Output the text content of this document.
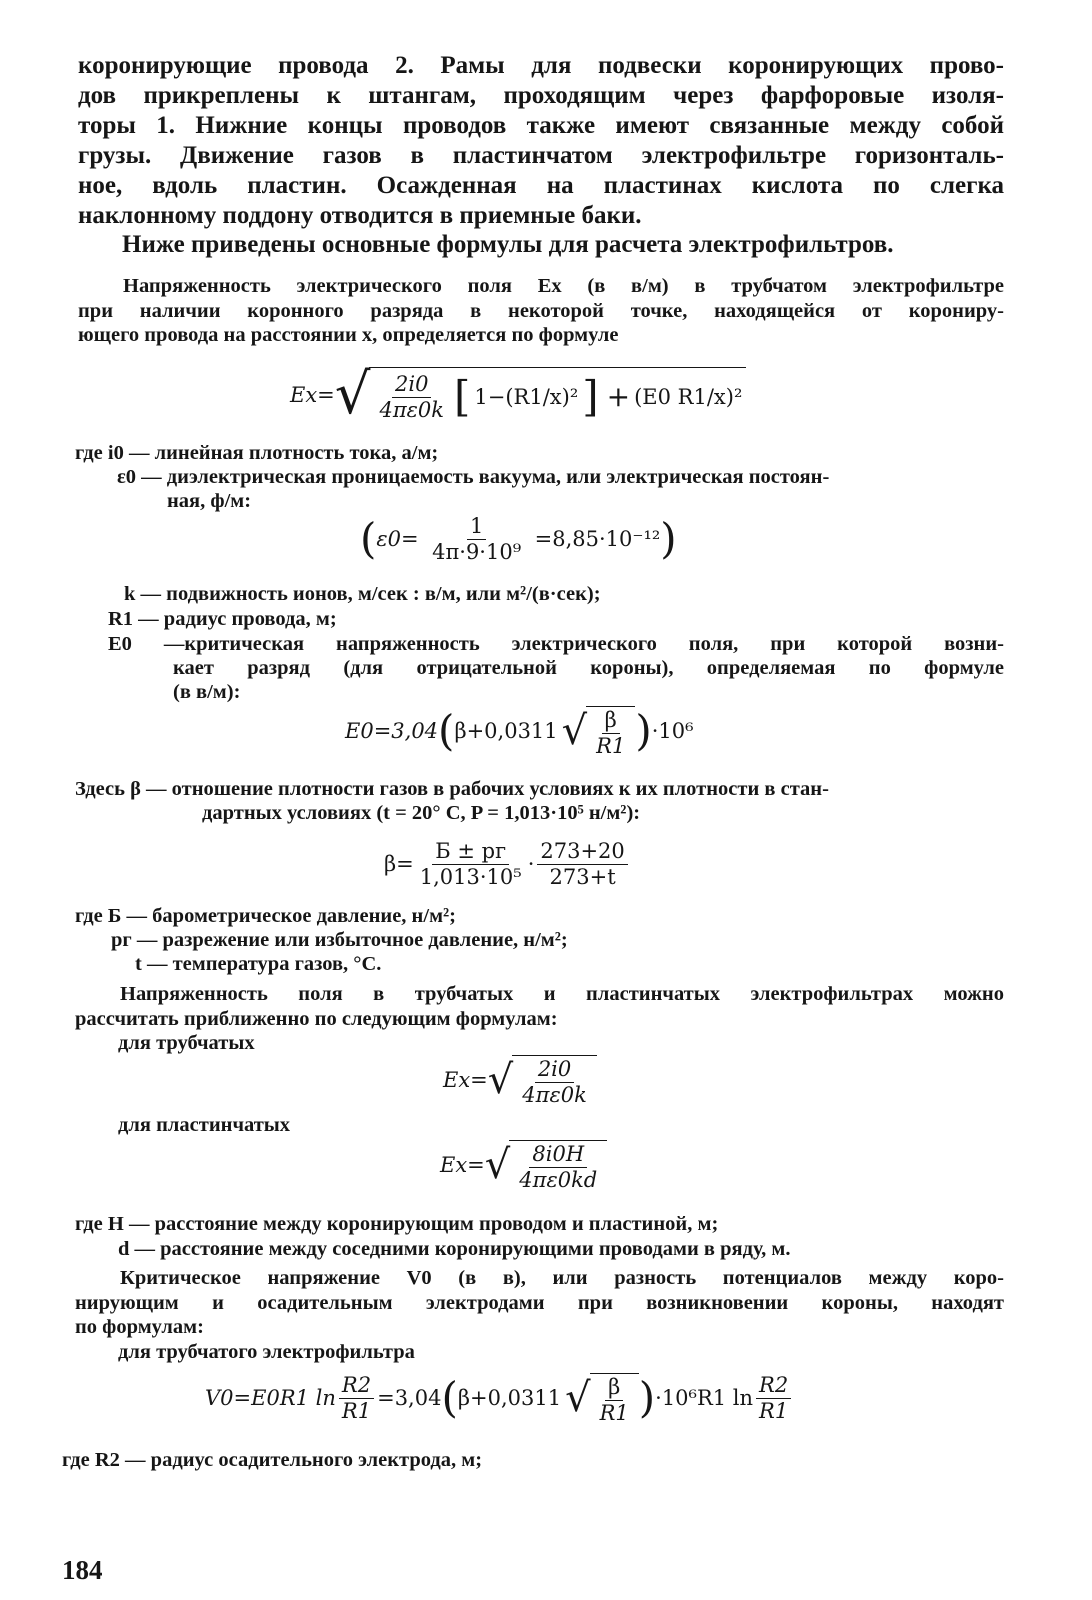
коронирующие провода 2. Рамы для подвески коронирующих прово-

дов прикреплены к штангам, проходящим через фарфоровые изоля-

торы 1. Нижние концы проводов также имеют связанные между собой

грузы. Движение газов в пластинчатом электрофильтре горизонталь-

ное, вдоль пластин. Осажденная на пластинах кислота по слегка

наклонному поддону отводится в приемные баки.

Ниже приведены основные формулы для расчета электрофильтров.

Напряженность электрического поля Ex (в в/м) в трубчатом электрофильтре

при наличии коронного разряда в некоторой точке, находящейся от корониру-

ющего провода на расстоянии x, определяется по формуле

Ex= √ 2i0
4πε0k [ 1−(R1/x)² ] + (E0 R1/x)²
где i0 — линейная плотность тока, а/м;
ε0 — диэлектрическая проницаемость вакуума, или электрическая постоян-
ная, ф/м:
( $\varepsilon 0= \frac{1}{\text{4π·9·10⁹}} =8,85\cdot 10^{-12}$ )
k — подвижность ионов, м/сек : в/м, или м²/(в·сек);
R1 — радиус провода, м;

E0 —критическая напряженность электрического поля, при которой возни-

кает разряд (для отрицательной короны), определяемая по формуле

(в в/м):

E0=3,04 ( β+0,0311 √ β
R1 ) ·10⁶
Здесь β — отношение плотности газов в рабочих условиях к их плотности в стан-
дартных условиях (t = 20° С, P = 1,013·10⁵ н/м²):
β=
Б ± pг
1,013·10⁵
·
273+20
273+t
где Б — барометрическое давление, н/м²;
pг — разрежение или избыточное давление, н/м²;
t — температура газов, °С.

Напряженность поля в трубчатых и пластинчатых электрофильтрах можно

рассчитать приближенно по следующим формулам:

для трубчатых
Ex= √ 2i0
4πε0k
для пластинчатых
Ex= √ 8i0H
4πε0kd
где H — расстояние между коронирующим проводом и пластиной, м;
d — расстояние между соседними коронирующими проводами в ряду, м.

Критическое напряжение V0 (в в), или разность потенциалов между коро-

нирующим и осадительным электродами при возникновении короны, находят

по формулам:

для трубчатого электрофильтра
V0=E0R1 $\ln \frac{R2}{R1} =3,04$ ( β+0,0311 √ β
R1 ) ·10⁶R1 ln
R2
R1
где R2 — радиус осадительного электрода, м;
184
